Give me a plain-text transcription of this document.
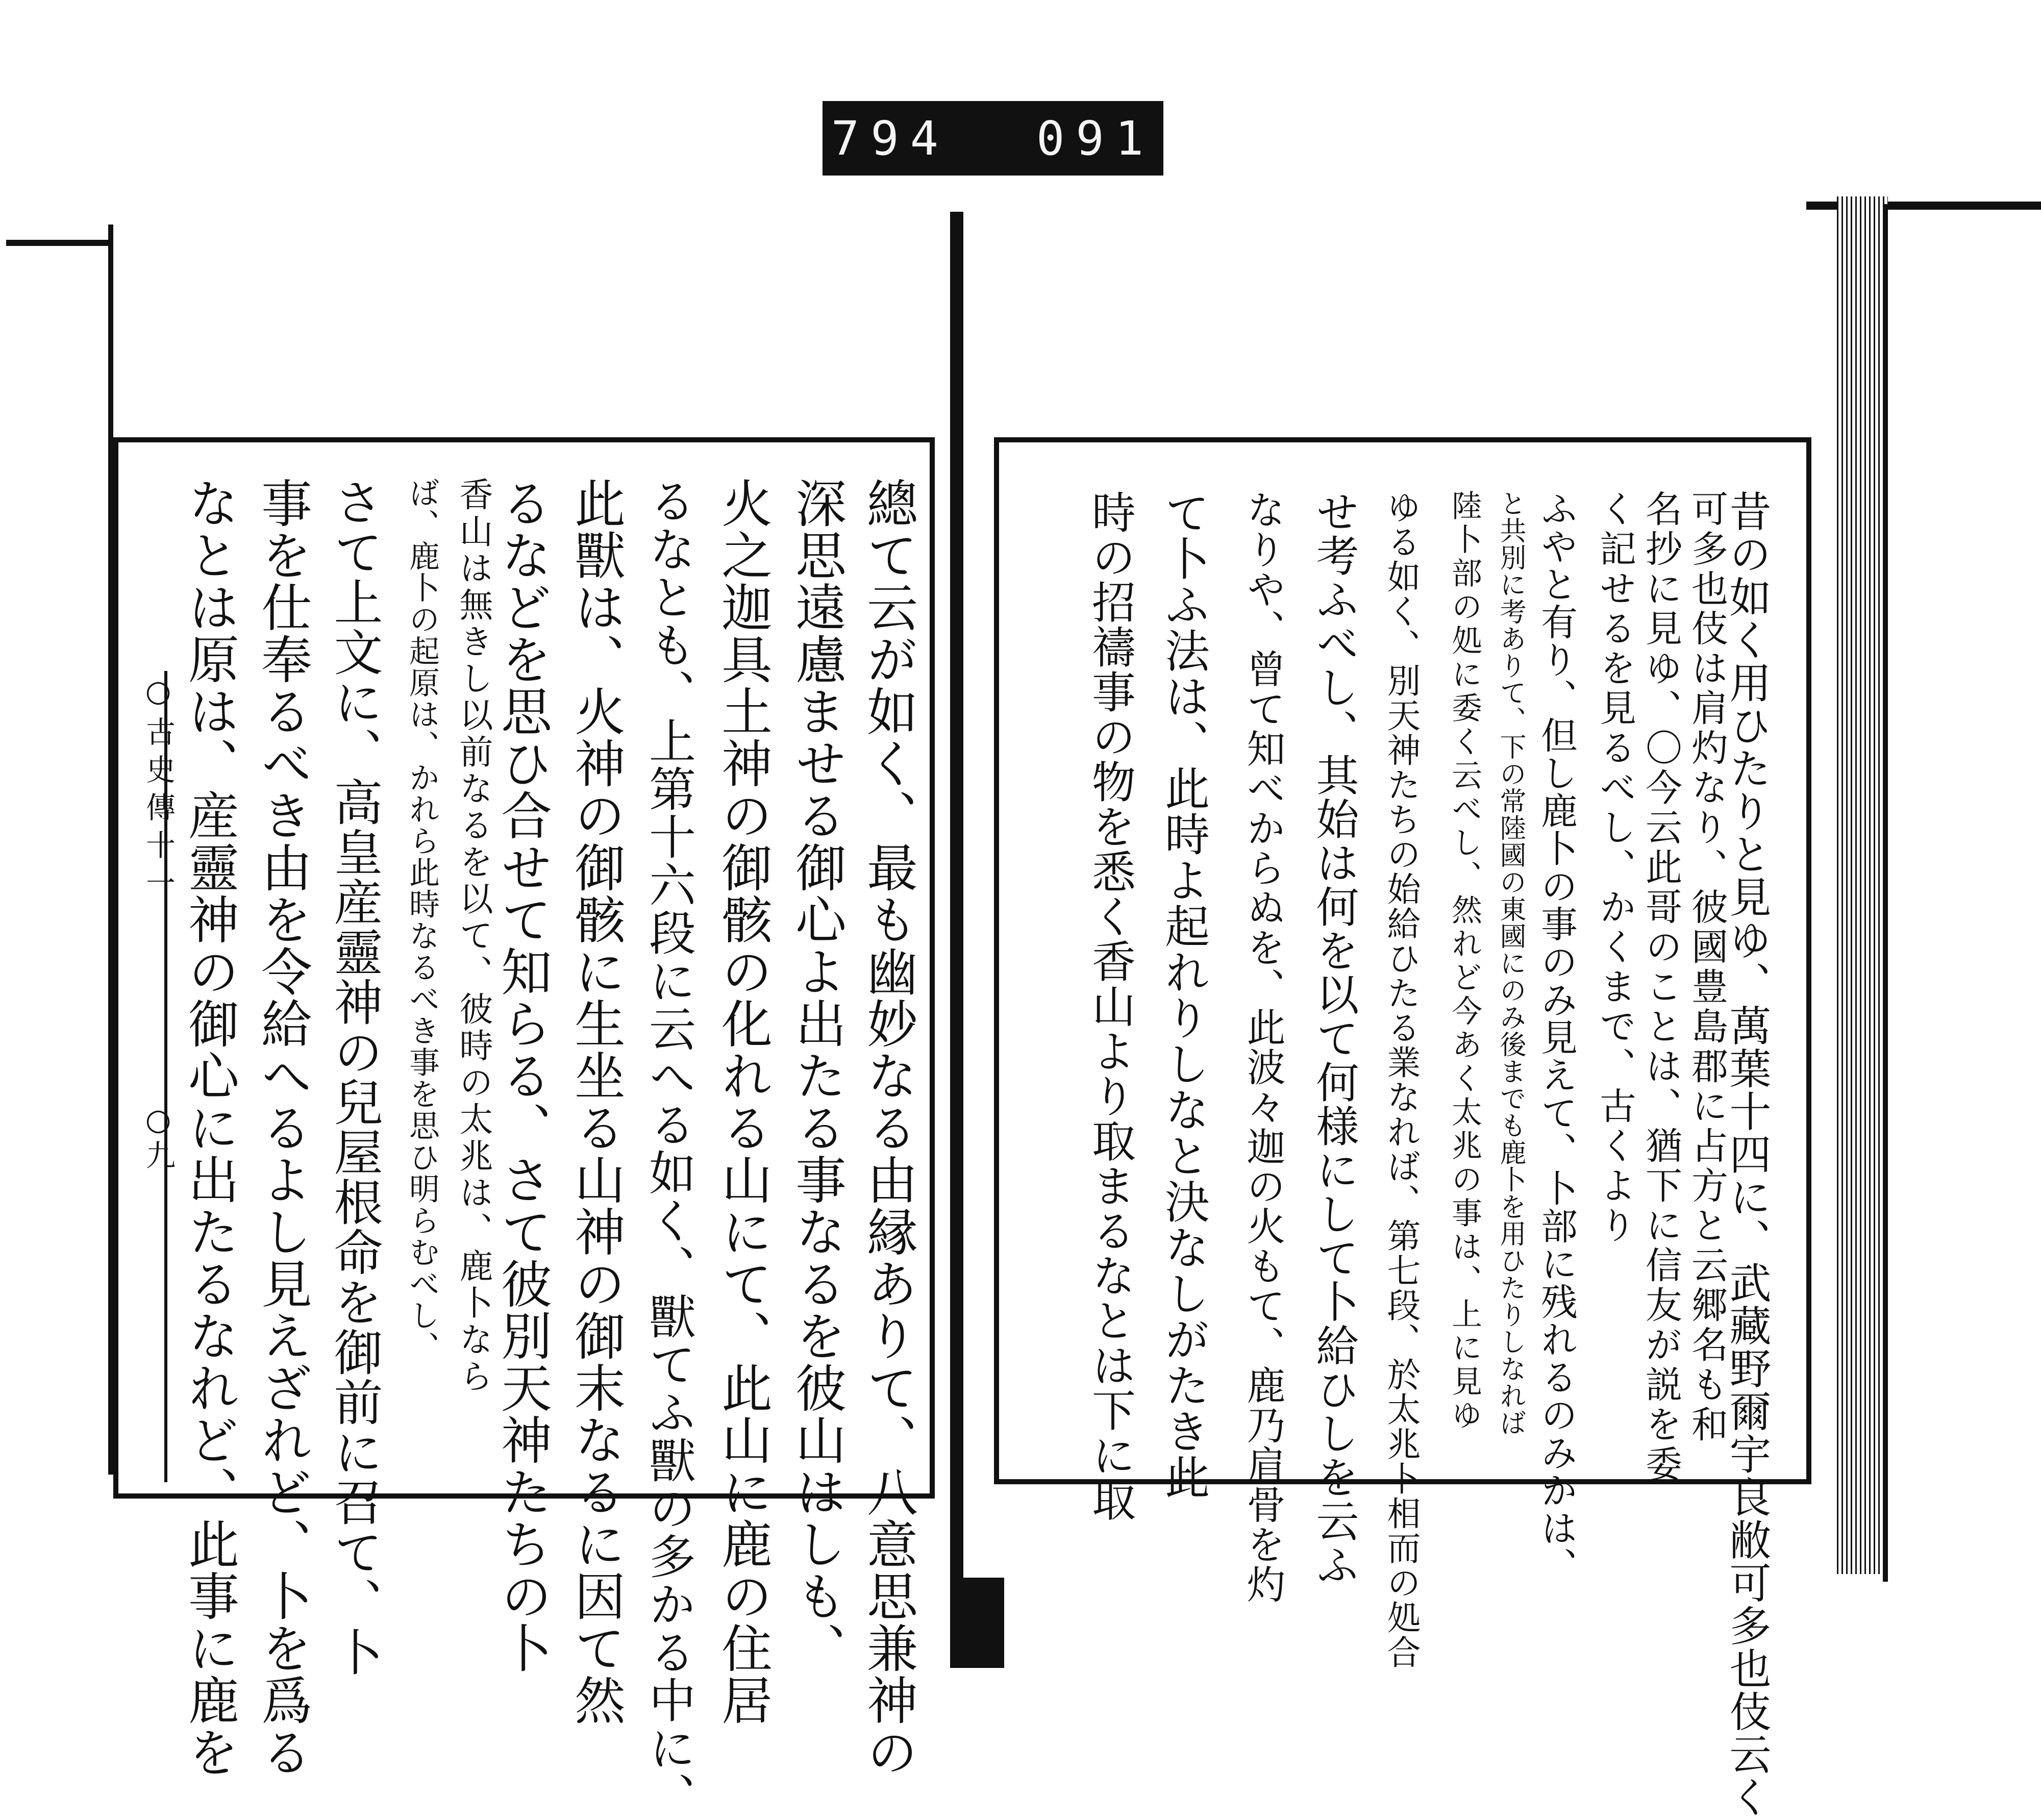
794 091
○古史傳十一
○九	總て云が如く、最も幽妙なる由縁ありて、八意思兼神の
深思遠慮ませる御心よ出たる事なるを彼山はしも、
火之迦具土神の御骸の化れる山にて、此山に鹿の住居
るなとも、上第十六段に云へる如く、獸てふ獸の多かる中に、
此獸は、火神の御骸に生坐る山神の御末なるに因て然
るなどを思ひ合せて知らる、さて彼別天神たちの卜
香山は無きし以前なるを以て、彼時の太兆は、鹿卜なら
ば、鹿卜の起原は、かれら此時なるべき事を思ひ明らむべし、
さて上文に、高皇産靈神の兒屋根命を御前に召て、卜
事を仕奉るべき由を令給へるよし見えざれど、卜を爲る
なとは原は、産靈神の御心に出たるなれど、此事に鹿を	昔の如く用ひたりと見ゆ、萬葉十四に、武藏野爾宇良敝可多也伎云く
可多也伎は肩灼なり、彼國豊島郡に占方と云郷名も和
名抄に見ゆ、〇今云此哥のことは、猶下に信友が説を委
く記せるを見るべし、かくまで、古くより
ふやと有り、但し鹿卜の事のみ見えて、卜部に残れるのみかは、
と共別に考ありて、下の常陸國の東國にのみ後までも鹿卜を用ひたりしなれば
陸卜部の処に委く云べし、然れど今あく太兆の事は、上に見ゆ
ゆる如く、別天神たちの始給ひたる業なれば、第七段、於太兆卜相而の処合
せ考ふべし、其始は何を以て何様にして卜給ひしを云ふ
なりや、曾て知べからぬを、此波々迦の火もて、鹿乃肩骨を灼
て卜ふ法は、此時よ起れりしなと決なしがたき此
時の招禱事の物を悉く香山より取まるなとは下に取
